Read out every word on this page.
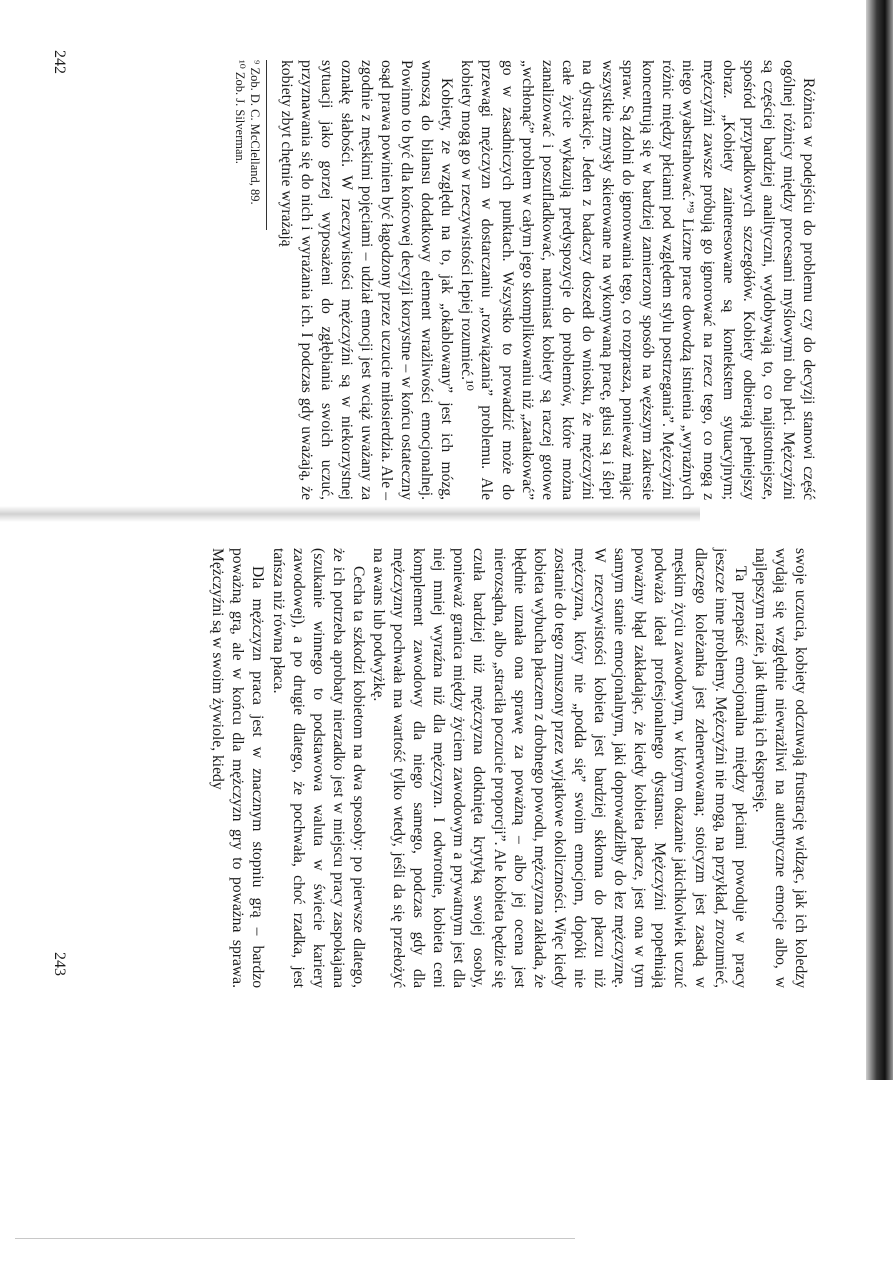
242
243

Różnica w podejściu do problemu czy do decyzji stanowi część ogólnej różnicy między procesami myślowymi obu płci. Mężczyźni są częściej bardziej analityczni, wydobywają to, co najistotniejsze, spośród przypadkowych szczegółów. Kobiety odbierają pełniejszy obraz. „Kobiety zainteresowane są kontekstem sytuacyjnym; mężczyźni zawsze próbują go ignorować na rzecz tego, co mogą z niego wyabstrahować.”⁹ Liczne prace dowodzą istnienia „wyraźnych różnic między płciami pod względem stylu postrzegania”. Mężczyźni koncentrują się w bardziej zamierzony sposób na węższym zakresie spraw. Są zdolni do ignorowania tego, co rozprasza, ponieważ mając wszystkie zmysły skierowane na wykonywaną pracę, głusi są i ślepi na dystrakcje. Jeden z badaczy doszedł do wniosku, że mężczyźni całe życie wykazują predyspozycje do problemów, które można zanalizować i poszufladkować, natomiast kobiety są raczej gotowe „wchłonąć” problem w całym jego skomplikowaniu niż „zaatakować” go w zasadniczych punktach. Wszystko to prowadzić może do przewagi mężczyzn w dostarczaniu „rozwiązania” problemu. Ale kobiety mogą go w rzeczywistości lepiej rozumieć.¹⁰

Kobiety, ze względu na to, jak „okablowany” jest ich mózg, wnoszą do bilansu dodatkowy element wrażliwości emocjonalnej. Powinno to być dla końcowej decyzji korzystne – w końcu ostateczny osąd prawa powinien być łagodzony przez uczucie miłosierdzia. Ale – zgodnie z męskimi pojęciami – udział emocji jest wciąż uważany za oznakę słabości. W rzeczywistości mężczyźni są w niekorzystnej sytuacji jako gorzej wyposażeni do zgłębiania swoich uczuć, przyznawania się do nich i wyrażania ich. I podczas gdy uważają, że kobiety zbyt chętnie wyrażają

⁹ Zob. D. C. McClelland, 89.

¹⁰ Zob. J. Silverman.

swoje uczucia, kobiety odczuwają frustrację widząc, jak ich koledzy wydają się względnie niewrażliwi na autentyczne emocje albo, w najlepszym razie, jak tłumią ich ekspresję.

Ta przepaść emocjonalna między płciami powoduje w pracy jeszcze inne problemy. Mężczyźni nie mogą, na przykład, zrozumieć, dlaczego koleżanka jest zdenerwowana; stoicyzm jest zasadą w męskim życiu zawodowym, w którym okazanie jakichkolwiek uczuć podważa ideał profesjonalnego dystansu. Mężczyźni popełniają poważny błąd zakładając, że kiedy kobieta płacze, jest ona w tym samym stanie emocjonalnym, jaki doprowadziłby do łez mężczyznę. W rzeczywistości kobieta jest bardziej skłonna do płaczu niż mężczyzna, który nie „podda się” swoim emocjom, dopóki nie zostanie do tego zmuszony przez wyjątkowe okoliczności. Więc kiedy kobieta wybucha płaczem z drobnego powodu, mężczyzna zakłada, że błędnie uznała ona sprawę za poważną – albo jej ocena jest nierozsądna, albo „straciła poczucie proporcji”. Ale kobieta będzie się czuła bardziej niż mężczyzna dotknięta krytyką swojej osoby, ponieważ granica między życiem zawodowym a prywatnym jest dla niej mniej wyraźna niż dla mężczyzn. I odwrotnie, kobieta ceni komplement zawodowy dla niego samego, podczas gdy dla mężczyzny pochwała ma wartość tylko wtedy, jeśli da się przełożyć na awans lub podwyżkę.

Cecha ta szkodzi kobietom na dwa sposoby: po pierwsze dlatego, że ich potrzeba aprobaty nierzadko jest w miejscu pracy zaspokajana (szukanie winnego to podstawowa waluta w świecie kariery zawodowej), a po drugie dlatego, że pochwała, choć rzadka, jest tańsza niż równa płaca.

Dla mężczyzn praca jest w znacznym stopniu grą – bardzo poważną grą, ale w końcu dla mężczyzn gry to poważna sprawa. Mężczyźni są w swoim żywiole, kiedy
